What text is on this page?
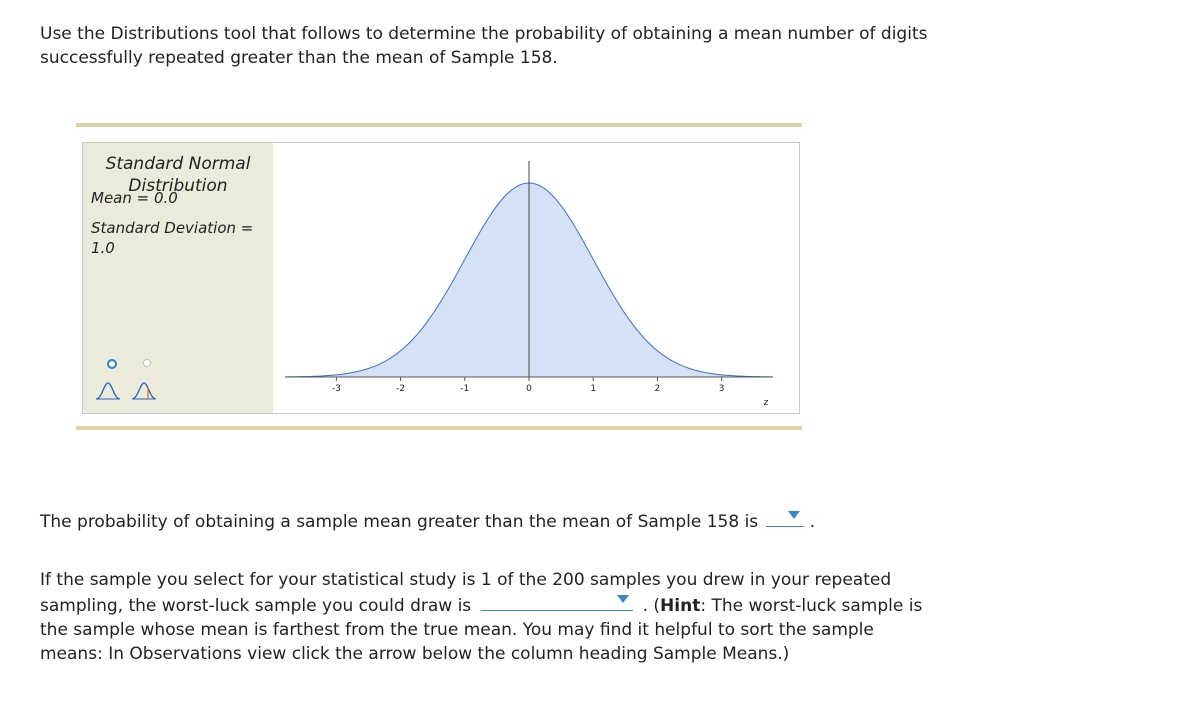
Use the Distributions tool that follows to determine the probability of obtaining a mean number of digits successfully repeated greater than the mean of Sample 158.

Standard Normal Distribution
Mean = 0.0
Standard Deviation = 1.0
-3	-2	-1	0	1	2	3
z

The probability of obtaining a sample mean greater than the mean of Sample 158 is	.

If the sample you select for your statistical study is 1 of the 200 samples you drew in your repeated sampling, the worst-luck sample you could draw is	. (Hint: The worst-luck sample is the sample whose mean is farthest from the true mean. You may find it helpful to sort the sample means: In Observations view click the arrow below the column heading Sample Means.)
